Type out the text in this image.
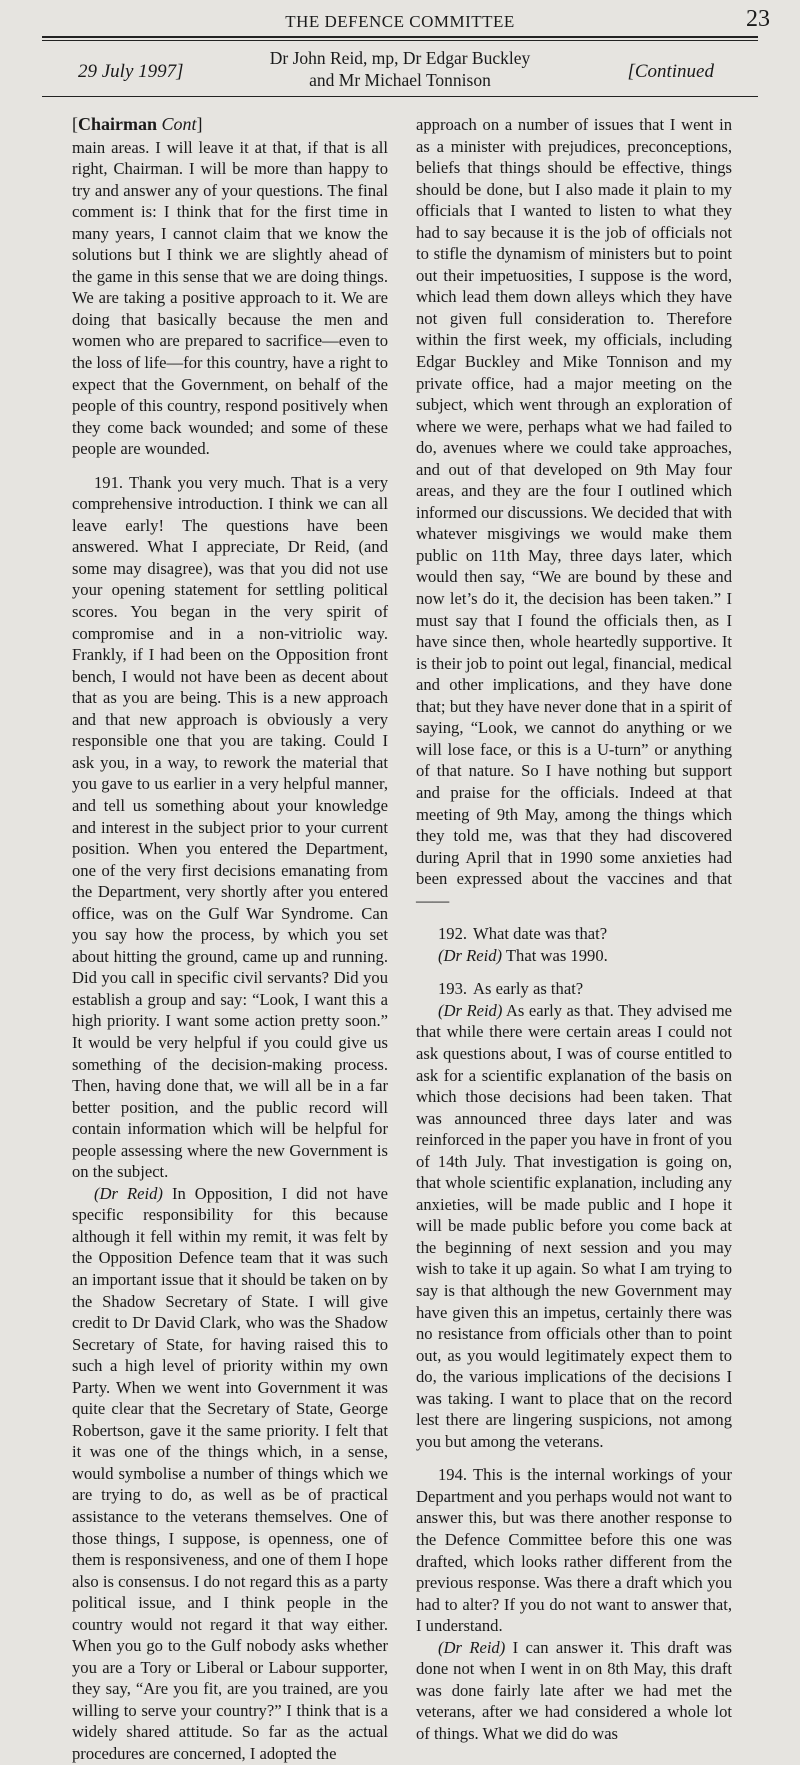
THE DEFENCE COMMITTEE	23
29 July 1997]
Dr John Reid, mp, Dr Edgar Buckley
and Mr Michael Tonnison	[Continued
[Chairman Cont]

main areas. I will leave it at that, if that is all right, Chairman. I will be more than happy to try and answer any of your questions. The final comment is: I think that for the first time in many years, I cannot claim that we know the solutions but I think we are slightly ahead of the game in this sense that we are doing things. We are taking a positive approach to it. We are doing that basically because the men and women who are prepared to sacrifice—even to the loss of life—for this country, have a right to expect that the Government, on behalf of the people of this country, respond positively when they come back wounded; and some of these people are wounded.

191. Thank you very much. That is a very comprehensive introduction. I think we can all leave early! The questions have been answered. What I appreciate, Dr Reid, (and some may disagree), was that you did not use your opening statement for settling political scores. You began in the very spirit of compromise and in a non-vitriolic way. Frankly, if I had been on the Opposition front bench, I would not have been as decent about that as you are being. This is a new approach and that new approach is obviously a very responsible one that you are taking. Could I ask you, in a way, to rework the material that you gave to us earlier in a very helpful manner, and tell us something about your knowledge and interest in the subject prior to your current position. When you entered the Department, one of the very first decisions emanating from the Department, very shortly after you entered office, was on the Gulf War Syndrome. Can you say how the process, by which you set about hitting the ground, came up and running. Did you call in specific civil servants? Did you establish a group and say: “Look, I want this a high priority. I want some action pretty soon.” It would be very helpful if you could give us something of the decision-making process. Then, having done that, we will all be in a far better position, and the public record will contain information which will be helpful for people assessing where the new Government is on the subject.

(Dr Reid) In Opposition, I did not have specific responsibility for this because although it fell within my remit, it was felt by the Opposition Defence team that it was such an important issue that it should be taken on by the Shadow Secretary of State. I will give credit to Dr David Clark, who was the Shadow Secretary of State, for having raised this to such a high level of priority within my own Party. When we went into Government it was quite clear that the Secretary of State, George Robertson, gave it the same priority. I felt that it was one of the things which, in a sense, would symbolise a number of things which we are trying to do, as well as be of practical assistance to the veterans themselves. One of those things, I suppose, is openness, one of them is responsiveness, and one of them I hope also is consensus. I do not regard this as a party political issue, and I think people in the country would not regard it that way either. When you go to the Gulf nobody asks whether you are a Tory or Liberal or Labour supporter, they say, “Are you fit, are you trained, are you willing to serve your country?” I think that is a widely shared attitude. So far as the actual procedures are concerned, I adopted the

approach on a number of issues that I went in as a minister with prejudices, preconceptions, beliefs that things should be effective, things should be done, but I also made it plain to my officials that I wanted to listen to what they had to say because it is the job of officials not to stifle the dynamism of ministers but to point out their impetuosities, I suppose is the word, which lead them down alleys which they have not given full consideration to. Therefore within the first week, my officials, including Edgar Buckley and Mike Tonnison and my private office, had a major meeting on the subject, which went through an exploration of where we were, perhaps what we had failed to do, avenues where we could take approaches, and out of that developed on 9th May four areas, and they are the four I outlined which informed our discussions. We decided that with whatever misgivings we would make them public on 11th May, three days later, which would then say, “We are bound by these and now let’s do it, the decision has been taken.” I must say that I found the officials then, as I have since then, whole heartedly supportive. It is their job to point out legal, financial, medical and other implications, and they have done that; but they have never done that in a spirit of saying, “Look, we cannot do anything or we will lose face, or this is a U-turn” or anything of that nature. So I have nothing but support and praise for the officials. Indeed at that meeting of 9th May, among the things which they told me, was that they had discovered during April that in 1990 some anxieties had been expressed about the vaccines and that——

192. What date was that?

(Dr Reid) That was 1990.

193. As early as that?

(Dr Reid) As early as that. They advised me that while there were certain areas I could not ask questions about, I was of course entitled to ask for a scientific explanation of the basis on which those decisions had been taken. That was announced three days later and was reinforced in the paper you have in front of you of 14th July. That investigation is going on, that whole scientific explanation, including any anxieties, will be made public and I hope it will be made public before you come back at the beginning of next session and you may wish to take it up again. So what I am trying to say is that although the new Government may have given this an impetus, certainly there was no resistance from officials other than to point out, as you would legitimately expect them to do, the various implications of the decisions I was taking. I want to place that on the record lest there are lingering suspicions, not among you but among the veterans.

194. This is the internal workings of your Department and you perhaps would not want to answer this, but was there another response to the Defence Committee before this one was drafted, which looks rather different from the previous response. Was there a draft which you had to alter? If you do not want to answer that, I understand.

(Dr Reid) I can answer it. This draft was done not when I went in on 8th May, this draft was done fairly late after we had met the veterans, after we had considered a whole lot of things. What we did do was
